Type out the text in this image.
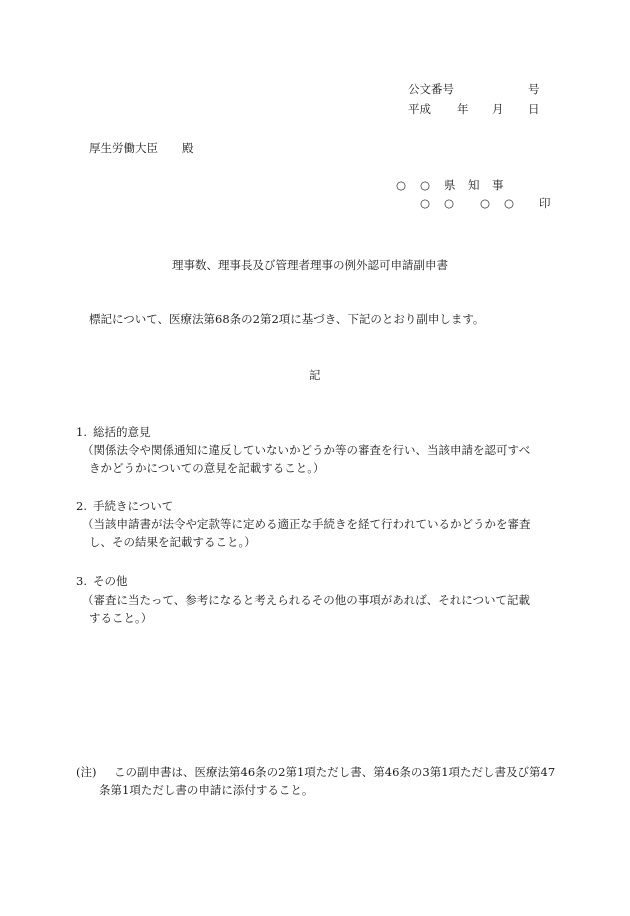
公文番号	号
平成 年 月 日
厚生労働大臣 殿
○ ○ 県 知 事
○ ○ ○ ○ 印
理事数、理事長及び管理者理事の例外認可申請副申書
標記について、医療法第68条の2第2項に基づき、下記のとおり副申します。
記
1. 総括的意見
（関係法令や関係通知に違反していないかどうか等の審査を行い、当該申請を認可すべ
きかどうかについての意見を記載すること。）
2. 手続きについて
（当該申請書が法令や定款等に定める適正な手続きを経て行われているかどうかを審査
し、その結果を記載すること。）
3. その他
（審査に当たって、参考になると考えられるその他の事項があれば、それについて記載
すること。）
(注) この副申書は、医療法第46条の2第1項ただし書、第46条の3第1項ただし書及び第47
条第1項ただし書の申請に添付すること。
